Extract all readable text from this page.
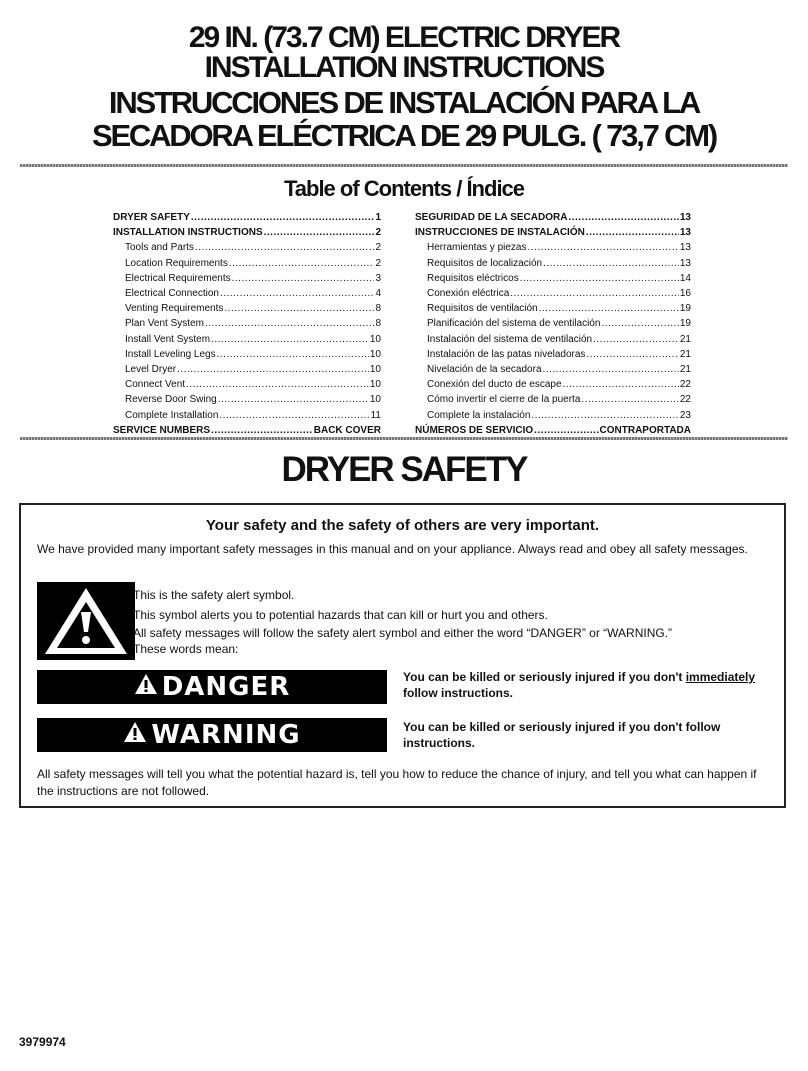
29 IN. (73.7 CM) ELECTRIC DRYER
INSTALLATION INSTRUCTIONS
INSTRUCCIONES DE INSTALACIÓN PARA LA
SECADORA ELÉCTRICA DE 29 PULG. ( 73,7 CM)
Table of Contents / Índice
DRYER SAFETY .....	1
INSTALLATION INSTRUCTIONS .....	2
Tools and Parts .....	2
Location Requirements .....	2
Electrical Requirements .....	3
Electrical Connection .....	4
Venting Requirements .....	8
Plan Vent System .....	8
Install Vent System .....	10
Install Leveling Legs .....	10
Level Dryer .....	10
Connect Vent .....	10
Reverse Door Swing .....	10
Complete Installation .....	11
SERVICE NUMBERS .....	BACK COVER
SEGURIDAD DE LA SECADORA .....	13
INSTRUCCIONES DE INSTALACIÓN .....	13
Herramientas y piezas .....	13
Requisitos de localización .....	13
Requisitos eléctricos .....	14
Conexión eléctrica .....	16
Requisitos de ventilación .....	19
Planificación del sistema de ventilación .....	19
Instalación del sistema de ventilación .....	21
Instalación de las patas niveladoras .....	21
Nivelación de la secadora .....	21
Conexión del ducto de escape .....	22
Cómo invertir el cierre de la puerta .....	22
Complete la instalación .....	23
NÚMEROS DE SERVICIO .....	CONTRAPORTADA
DRYER SAFETY
Your safety and the safety of others are very important.
We have provided many important safety messages in this manual and on your appliance. Always read and obey all safety messages.
This is the safety alert symbol.
This symbol alerts you to potential hazards that can kill or hurt you and others.
All safety messages will follow the safety alert symbol and either the word “DANGER” or “WARNING.”
These words mean:
DANGER	You can be killed or seriously injured if you don't immediately follow instructions.
WARNING	You can be killed or seriously injured if you don't follow instructions.
All safety messages will tell you what the potential hazard is, tell you how to reduce the chance of injury, and tell you what can happen if the instructions are not followed.
3979974
